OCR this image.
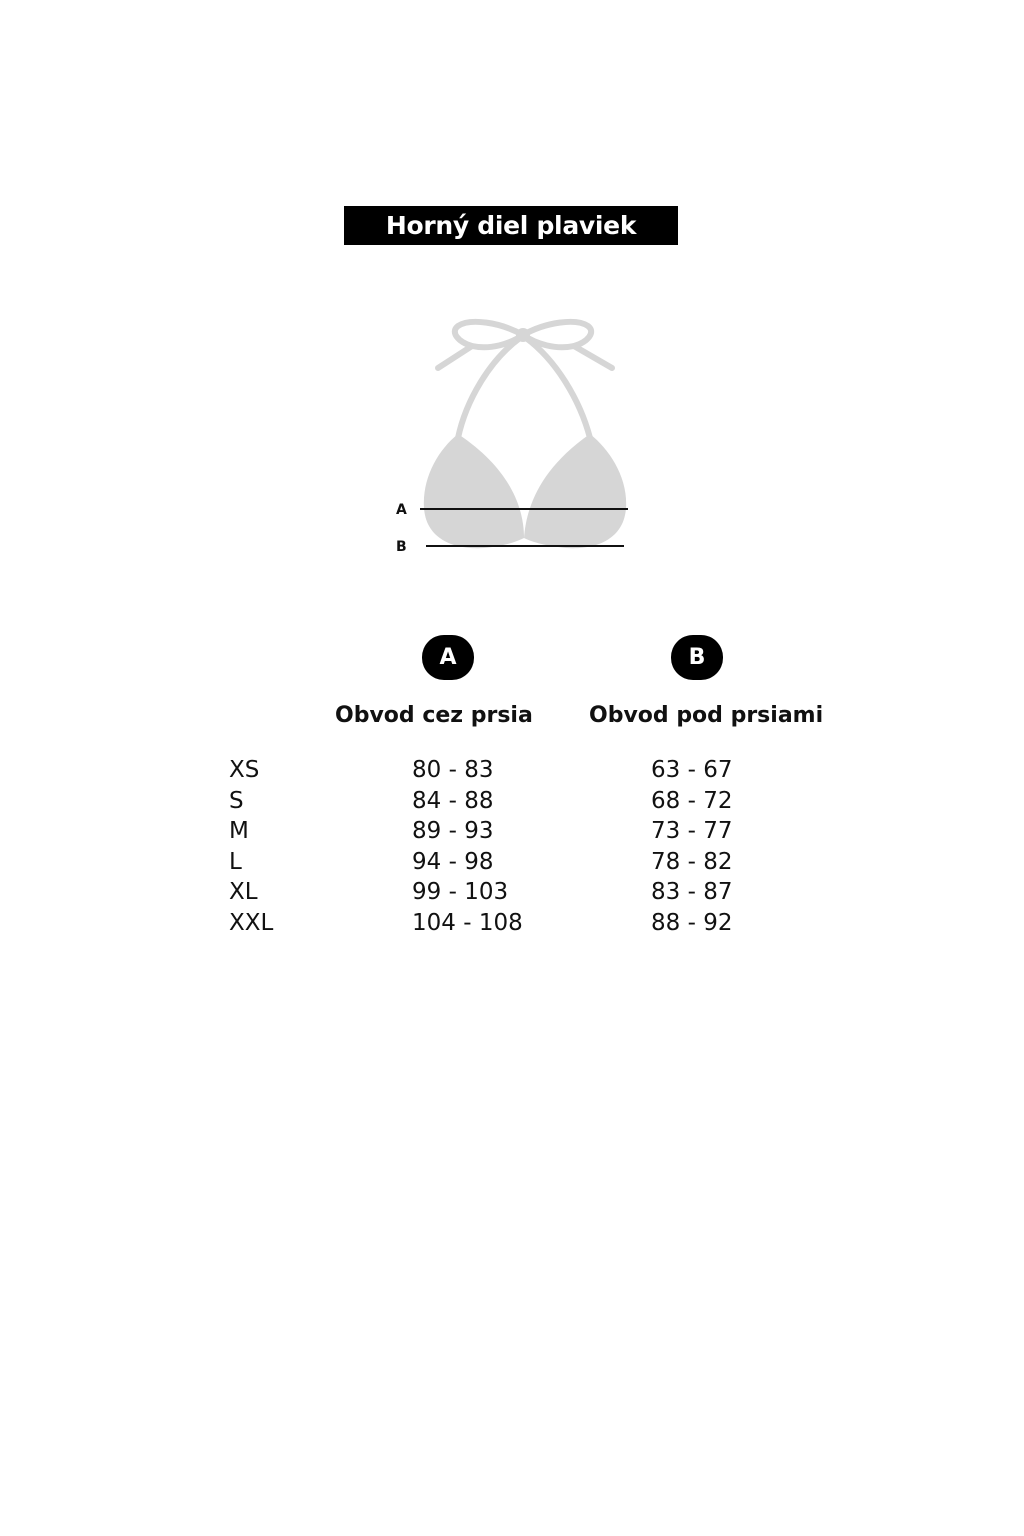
Horný diel plaviek
A
B
A	B
Obvod cez prsia	Obvod pod prsiami
XS	80 - 83	63 - 67
S	84 - 88	68 - 72
M	89 - 93	73 - 77
L	94 - 98	78 - 82
XL	99 - 103	83 - 87
XXL	104 - 108	88 - 92
